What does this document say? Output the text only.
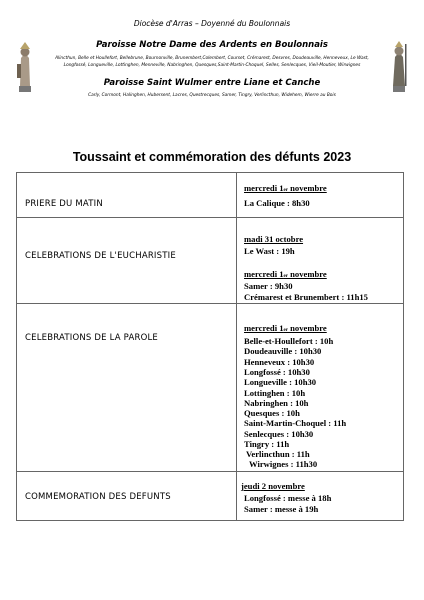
Diocèse d'Arras – Doyenné du Boulonnais
Paroisse Notre Dame des Ardents en Boulonnais
Alincthun, Belle et Houllefort, Bellebrune, Bournonville, Brunembert,Colembert, Courset, Crémarest, Desvres, Doudeauville, Henneveux, Le Wast,
Longfossé, Longueville, Lottinghen, Menneville, Nabringhen, Quesques,Saint-Martin-Choquel, Selles, Senlecques, Vieil-Moutier, Wirwignes
Paroisse Saint Wulmer entre Liane et Canche
Carly, Cormont, Halinghen, Hubersent, Lacres, Questrecques, Samer, Tingry, Verlincthun, Widehem, Wierre au Bois
Toussaint et commémoration des défunts 2023
PRIERE DU MATIN
mercredi 1er novembre
La Calique : 8h30
CELEBRATIONS DE L'EUCHARISTIE
madi 31 octobre
Le Wast : 19h
mercredi 1er novembre
Samer : 9h30
Crémarest et Brunembert : 11h15
CELEBRATIONS DE LA PAROLE
mercredi 1er novembre
Belle-et-Houllefort : 10h
Doudeauville : 10h30
Henneveux : 10h30
Longfossé : 10h30
Longueville : 10h30
Lottinghen : 10h
Nabringhen : 10h
Quesques : 10h
Saint-Martin-Choquel : 11h
Senlecques : 10h30
Tingry : 11h
Verlincthun : 11h
Wirwignes : 11h30
COMMEMORATION DES DEFUNTS
jeudi 2 novembre
Longfossé : messe à 18h
Samer : messe à 19h
